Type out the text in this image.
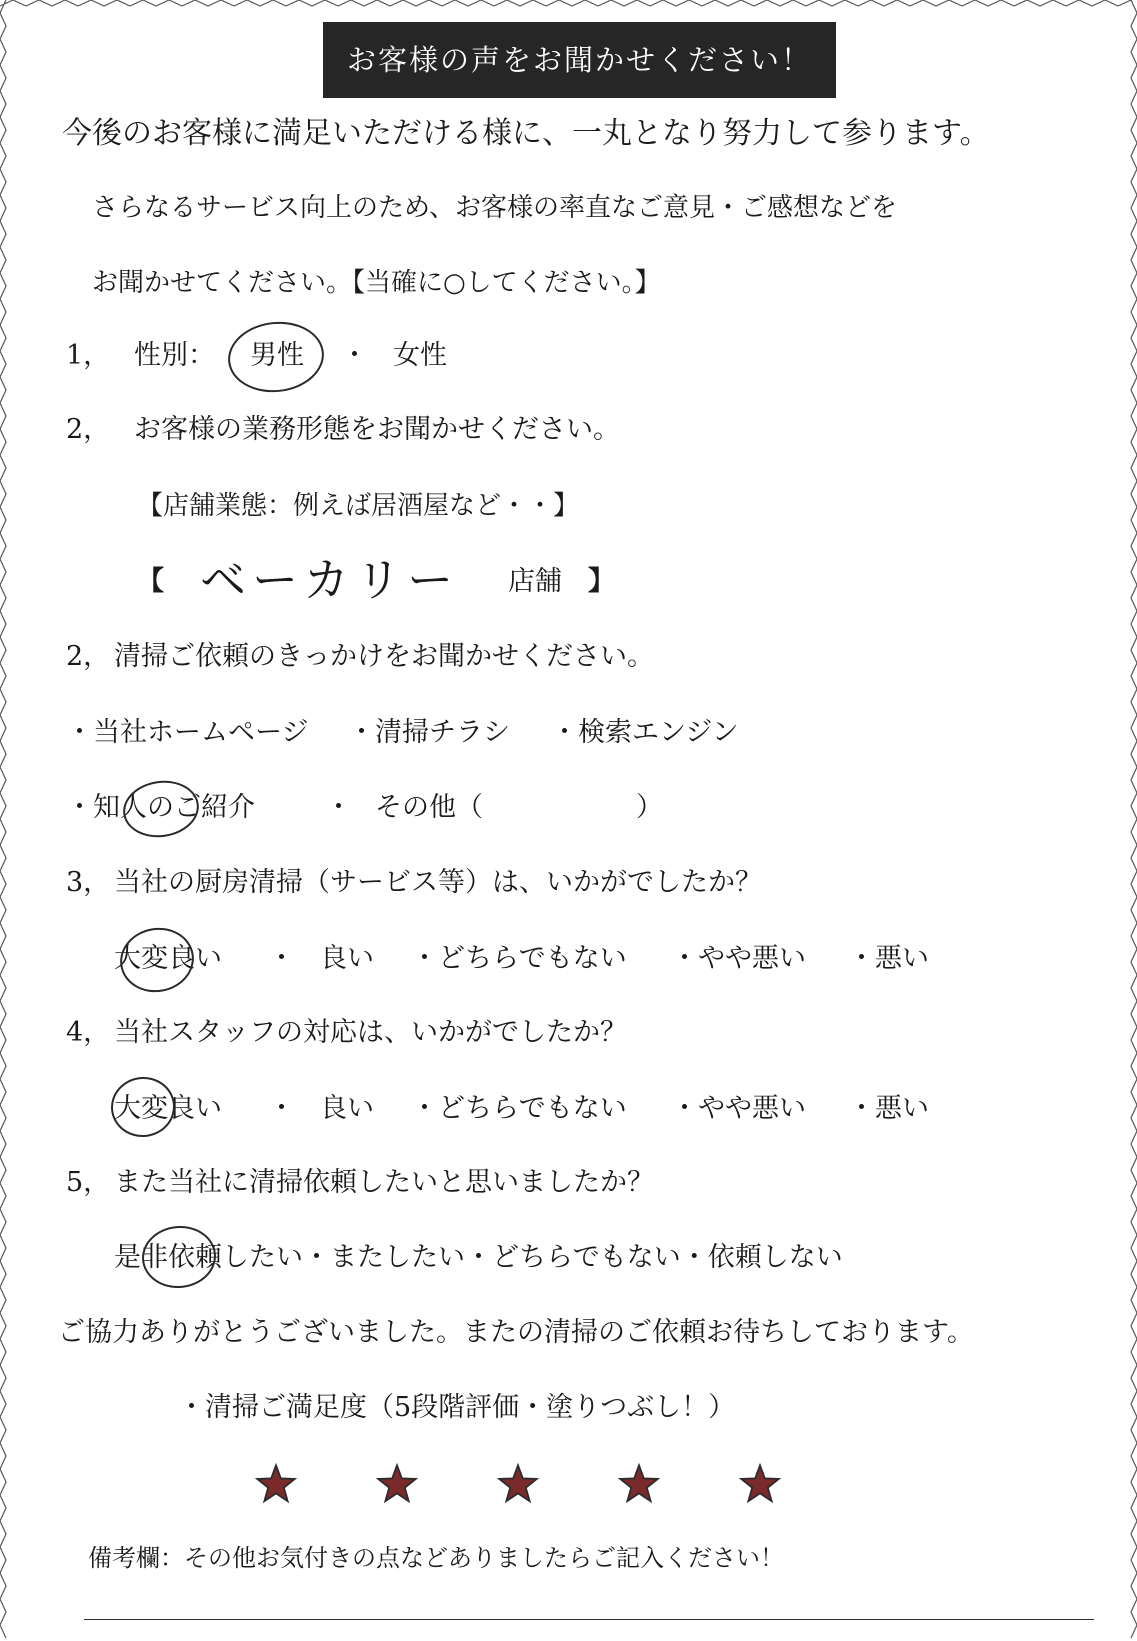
お客様の声をお聞かせください！
今後のお客様に満足いただける様に、一丸となり努力して参ります。
さらなるサービス向上のため、お客様の率直なご意見・ご感想などを
お聞かせてください。【当確に○してください。】
1， 性別： 男性 ・ 女性
2， お客様の業務形態をお聞かせください。
【店舗業態：例えば居酒屋など・・】
【 ベーカリー 店舗 】
2， 清掃ご依頼のきっかけをお聞かせください。
・当社ホームページ ・清掃チラシ ・検索エンジン
・知人のご紹介	・ その他（	）
3， 当社の厨房清掃（サービス等）は、いかがでしたか？
大変良い ・ 良い ・どちらでもない ・やや悪い ・悪い
4， 当社スタッフの対応は、いかがでしたか？
大変良い ・ 良い ・どちらでもない ・やや悪い ・悪い
5， また当社に清掃依頼したいと思いましたか？
是非依頼したい・またしたい・どちらでもない・依頼しない
ご協力ありがとうございました。またの清掃のご依頼お待ちしております。
・清掃ご満足度（5段階評価・塗りつぶし！）
備考欄：その他お気付きの点などありましたらご記入ください！
